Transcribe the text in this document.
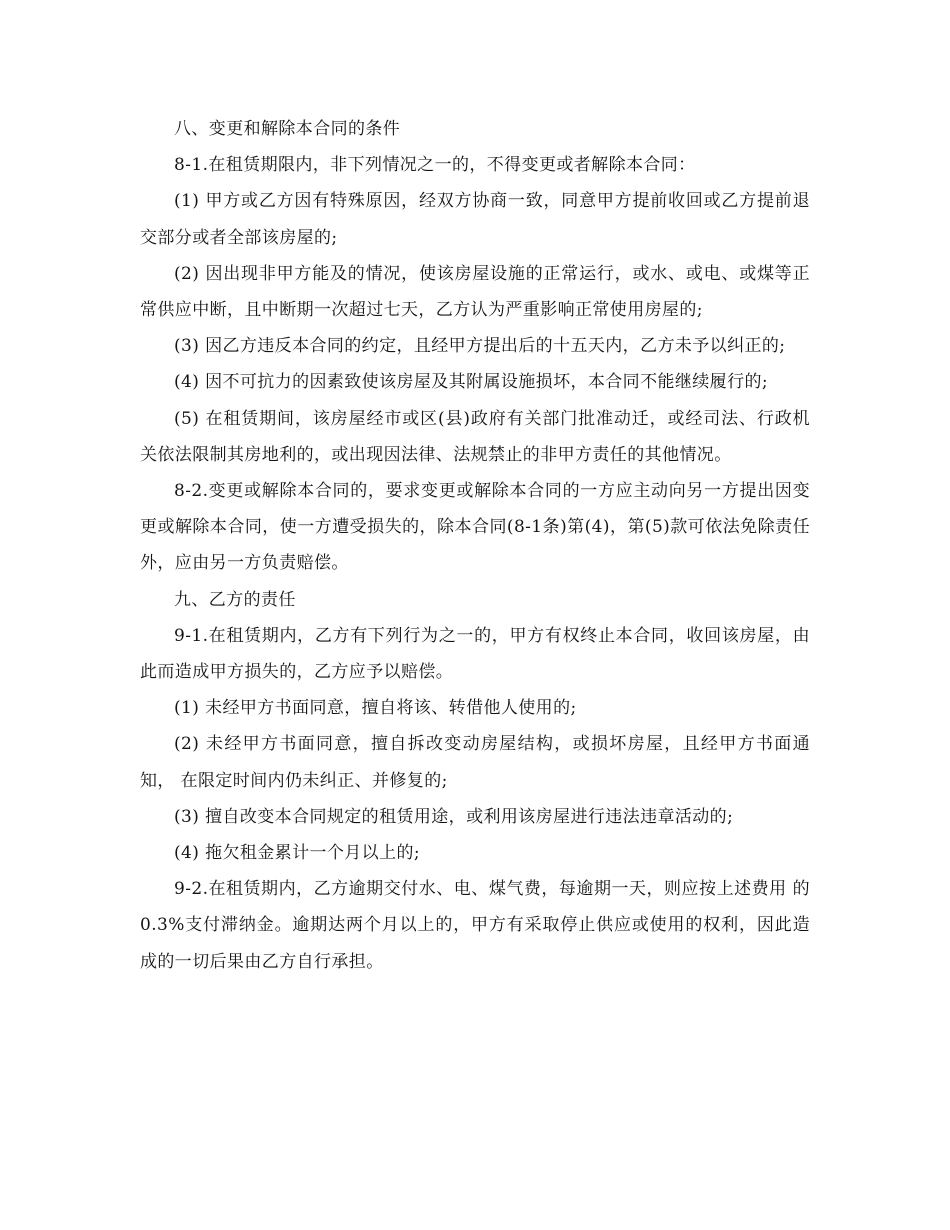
八、变更和解除本合同的条件

8-1.在租赁期限内，非下列情况之一的，不得变更或者解除本合同：

(1) 甲方或乙方因有特殊原因，经双方协商一致，同意甲方提前收回或乙方提前退交部分或者全部该房屋的;

(2) 因出现非甲方能及的情况，使该房屋设施的正常运行，或水、或电、或煤等正常供应中断，且中断期一次超过七天，乙方认为严重影响正常使用房屋的;

(3) 因乙方违反本合同的约定，且经甲方提出后的十五天内，乙方未予以纠正的;

(4) 因不可抗力的因素致使该房屋及其附属设施损坏，本合同不能继续履行的;

(5) 在租赁期间，该房屋经市或区(县)政府有关部门批准动迁，或经司法、行政机关依法限制其房地利的，或出现因法律、法规禁止的非甲方责任的其他情况。

8-2.变更或解除本合同的，要求变更或解除本合同的一方应主动向另一方提出因变 更或解除本合同，使一方遭受损失的，除本合同(8-1条)第(4)，第(5)款可依法免除责任外，应由另一方负责赔偿。

九、乙方的责任

9-1.在租赁期内，乙方有下列行为之一的，甲方有权终止本合同，收回该房屋，由此而造成甲方损失的，乙方应予以赔偿。

(1) 未经甲方书面同意，擅自将该、转借他人使用的;

(2) 未经甲方书面同意，擅自拆改变动房屋结构，或损坏房屋，且经甲方书面通知， 在限定时间内仍未纠正、并修复的;

(3) 擅自改变本合同规定的租赁用途，或利用该房屋进行违法违章活动的;

(4) 拖欠租金累计一个月以上的;

9-2.在租赁期内，乙方逾期交付水、电、煤气费，每逾期一天，则应按上述费用 的0.3%支付滞纳金。逾期达两个月以上的，甲方有采取停止供应或使用的权利，因此造成的一切后果由乙方自行承担。
